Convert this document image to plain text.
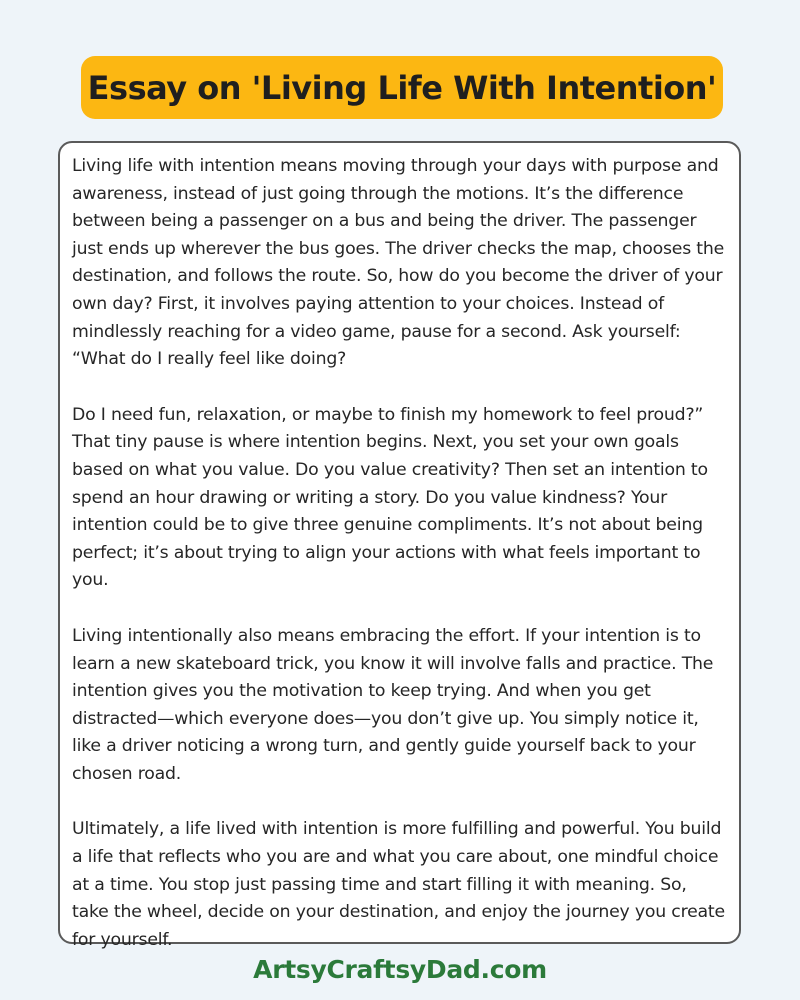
Essay on 'Living Life With Intention'

Living life with intention means moving through your days with purpose and awareness, instead of just going through the motions. It’s the difference between being a passenger on a bus and being the driver. The passenger just ends up wherever the bus goes. The driver checks the map, chooses the destination, and follows the route. So, how do you become the driver of your own day? First, it involves paying attention to your choices. Instead of mindlessly reaching for a video game, pause for a second. Ask yourself: “What do I really feel like doing?

Do I need fun, relaxation, or maybe to finish my homework to feel proud?” That tiny pause is where intention begins. Next, you set your own goals based on what you value. Do you value creativity? Then set an intention to spend an hour drawing or writing a story. Do you value kindness? Your intention could be to give three genuine compliments. It’s not about being perfect; it’s about trying to align your actions with what feels important to you.

Living intentionally also means embracing the effort. If your intention is to learn a new skateboard trick, you know it will involve falls and practice. The intention gives you the motivation to keep trying. And when you get distracted—which everyone does—you don’t give up. You simply notice it, like a driver noticing a wrong turn, and gently guide yourself back to your chosen road.

Ultimately, a life lived with intention is more fulfilling and powerful. You build a life that reflects who you are and what you care about, one mindful choice at a time. You stop just passing time and start filling it with meaning. So, take the wheel, decide on your destination, and enjoy the journey you create for yourself.

ArtsyCraftsyDad.com
